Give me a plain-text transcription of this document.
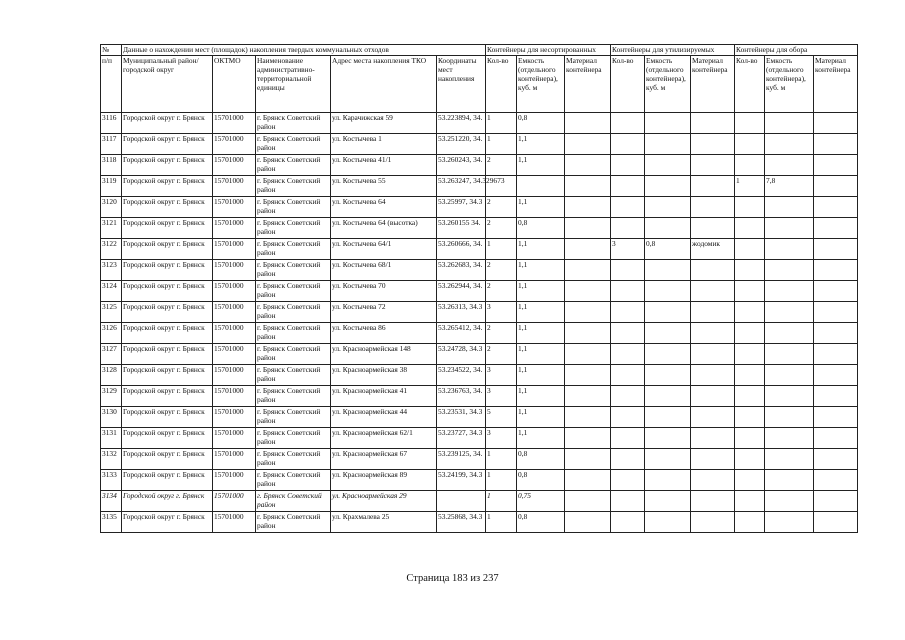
№	Данные о нахождении мест (площадок) накопления твердых коммунальных отходов					Контейнеры для несортированных			Контейнеры для утилизируемых			Контейнеры для обора		
п/п	Муниципальный район/городской округ	ОКТМО	Наименование административно-территориальной единицы	Адрес места накопления ТКО	Координаты мест накопления	Кол-во	Емкость (отдельного контейнера), куб. м	Материал контейнера	Кол-во	Емкость (отдельного контейнера), куб. м	Материал контейнера	Кол-во	Емкость (отдельного контейнера), куб. м	Материал контейнера
3116	Городской округ г. Брянск	15701000	г. Брянск Советский район	ул. Карачижская 59	53.223894, 34.	1	0,8							
3117	Городской округ г. Брянск	15701000	г. Брянск Советский район	ул. Костычева 1	53.251220, 34.	1	1,1							
3118	Городской округ г. Брянск	15701000	г. Брянск Советский район	ул. Костычева 41/1	53.260243, 34.	2	1,1							
3119	Городской округ г. Брянск	15701000	г. Брянск Советский район	ул. Костычева 55	53.263247, 34.329673							1	7,8	
3120	Городской округ г. Брянск	15701000	г. Брянск Советский район	ул. Костычева 64	53.25997, 34.3	2	1,1							
3121	Городской округ г. Брянск	15701000	г. Брянск Советский район	ул. Костычева 64 (высотка)	53.260155 34.	2	0,8							
3122	Городской округ г. Брянск	15701000	г. Брянск Советский район	ул. Костычева 64/1	53.260666, 34.	1	1,1		3	0,8	жодомик			
3123	Городской округ г. Брянск	15701000	г. Брянск Советский район	ул. Костычева 68/1	53.262683, 34.	2	1,1							
3124	Городской округ г. Брянск	15701000	г. Брянск Советский район	ул. Костычева 70	53.262944, 34.	2	1,1							
3125	Городской округ г. Брянск	15701000	г. Брянск Советский район	ул. Костычева 72	53.26313, 34.3	3	1,1							
3126	Городской округ г. Брянск	15701000	г. Брянск Советский район	ул. Костычева 86	53.265412, 34.	2	1,1							
3127	Городской округ г. Брянск	15701000	г. Брянск Советский район	ул. Красноармейская 148	53.24728, 34.3	2	1,1							
3128	Городской округ г. Брянск	15701000	г. Брянск Советский район	ул. Красноармейская 38	53.234522, 34.	3	1,1							
3129	Городской округ г. Брянск	15701000	г. Брянск Советский район	ул. Красноармейская 41	53.236763, 34.	3	1,1							
3130	Городской округ г. Брянск	15701000	г. Брянск Советский район	ул. Красноармейская 44	53.23531, 34.3	5	1,1							
3131	Городской округ г. Брянск	15701000	г. Брянск Советский район	ул. Красноармейская 62/1	53.23727, 34.3	3	1,1							
3132	Городской округ г. Брянск	15701000	г. Брянск Советский район	ул. Красноармейская 67	53.239125, 34.	1	0,8							
3133	Городской округ г. Брянск	15701000	г. Брянск Советский район	ул. Красноармейская 89	53.24199, 34.3	1	0,8							
3134	Городской округ г. Брянск	15701000	г. Брянск Советский район	ул. Красноармейская 29		1	0,75							
3135	Городской округ г. Брянск	15701000	г. Брянск Советский район	ул. Крахмалева 25	53.25868, 34.3	1	0,8							
Страница 183 из 237
